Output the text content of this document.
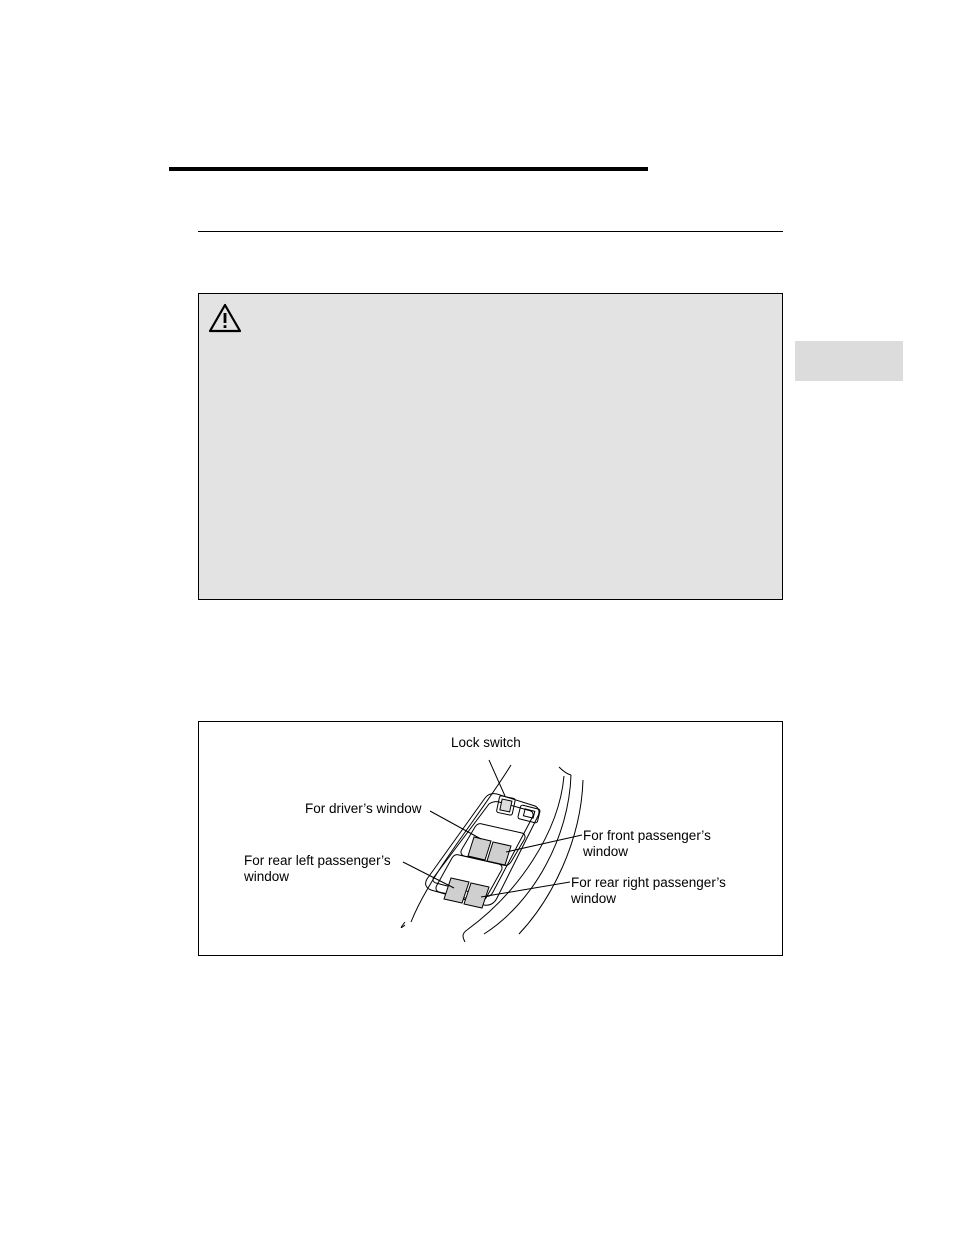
Lock switch
For driver’s window
For front passenger’s
window
For rear left passenger’s
window	For rear right passenger’s
window
